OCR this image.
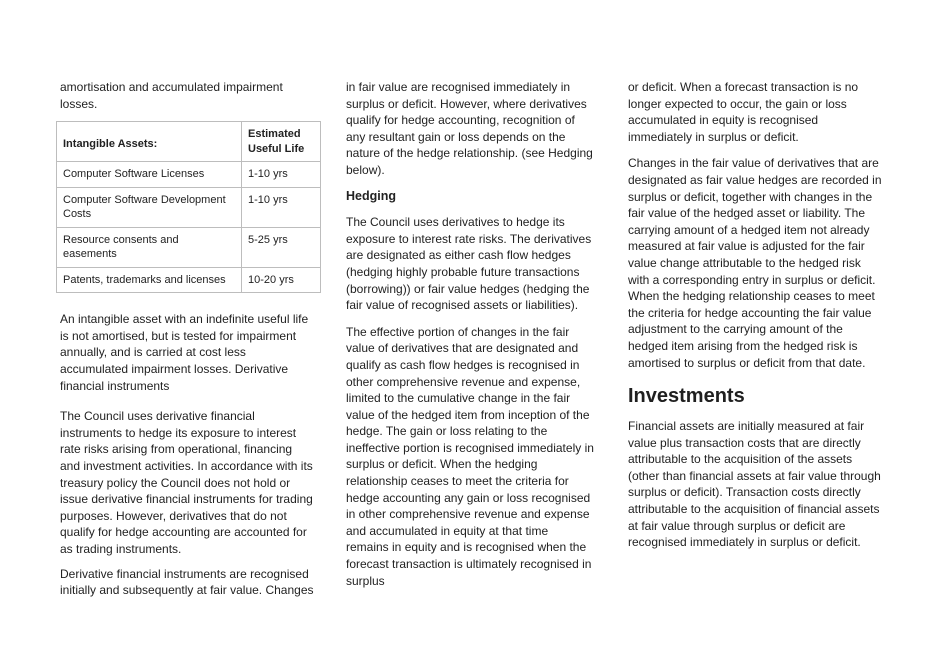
amortisation and accumulated impairment losses.

Intangible Assets:	Estimated Useful Life
Computer Software Licenses	1-10 yrs
Computer Software Development Costs	1-10 yrs
Resource consents and easements	5-25 yrs
Patents, trademarks and licenses	10-20 yrs

An intangible asset with an indefinite useful life is not amortised, but is tested for impairment annually, and is carried at cost less accumulated impairment losses. Derivative financial instruments

The Council uses derivative financial instruments to hedge its exposure to interest rate risks arising from operational, financing and investment activities. In accordance with its treasury policy the Council does not hold or issue derivative financial instruments for trading purposes. However, derivatives that do not qualify for hedge accounting are accounted for as trading instruments.

Derivative financial instruments are recognised initially and subsequently at fair value. Changes

in fair value are recognised immediately in surplus or deficit. However, where derivatives qualify for hedge accounting, recognition of any resultant gain or loss depends on the nature of the hedge relationship. (see Hedging below).

Hedging

The Council uses derivatives to hedge its exposure to interest rate risks. The derivatives are designated as either cash flow hedges (hedging highly probable future transactions (borrowing)) or fair value hedges (hedging the fair value of recognised assets or liabilities).

The effective portion of changes in the fair value of derivatives that are designated and qualify as cash flow hedges is recognised in other comprehensive revenue and expense, limited to the cumulative change in the fair value of the hedged item from inception of the hedge. The gain or loss relating to the ineffective portion is recognised immediately in surplus or deficit. When the hedging relationship ceases to meet the criteria for hedge accounting any gain or loss recognised in other comprehensive revenue and expense and accumulated in equity at that time remains in equity and is recognised when the forecast transaction is ultimately recognised in surplus

or deficit. When a forecast transaction is no longer expected to occur, the gain or loss accumulated in equity is recognised immediately in surplus or deficit.

Changes in the fair value of derivatives that are designated as fair value hedges are recorded in surplus or deficit, together with changes in the fair value of the hedged asset or liability. The carrying amount of a hedged item not already measured at fair value is adjusted for the fair value change attributable to the hedged risk with a corresponding entry in surplus or deficit. When the hedging relationship ceases to meet the criteria for hedge accounting the fair value adjustment to the carrying amount of the hedged item arising from the hedged risk is amortised to surplus or deficit from that date.

Investments

Financial assets are initially measured at fair value plus transaction costs that are directly attributable to the acquisition of the assets (other than financial assets at fair value through surplus or deficit). Transaction costs directly attributable to the acquisition of financial assets at fair value through surplus or deficit are recognised immediately in surplus or deficit.
